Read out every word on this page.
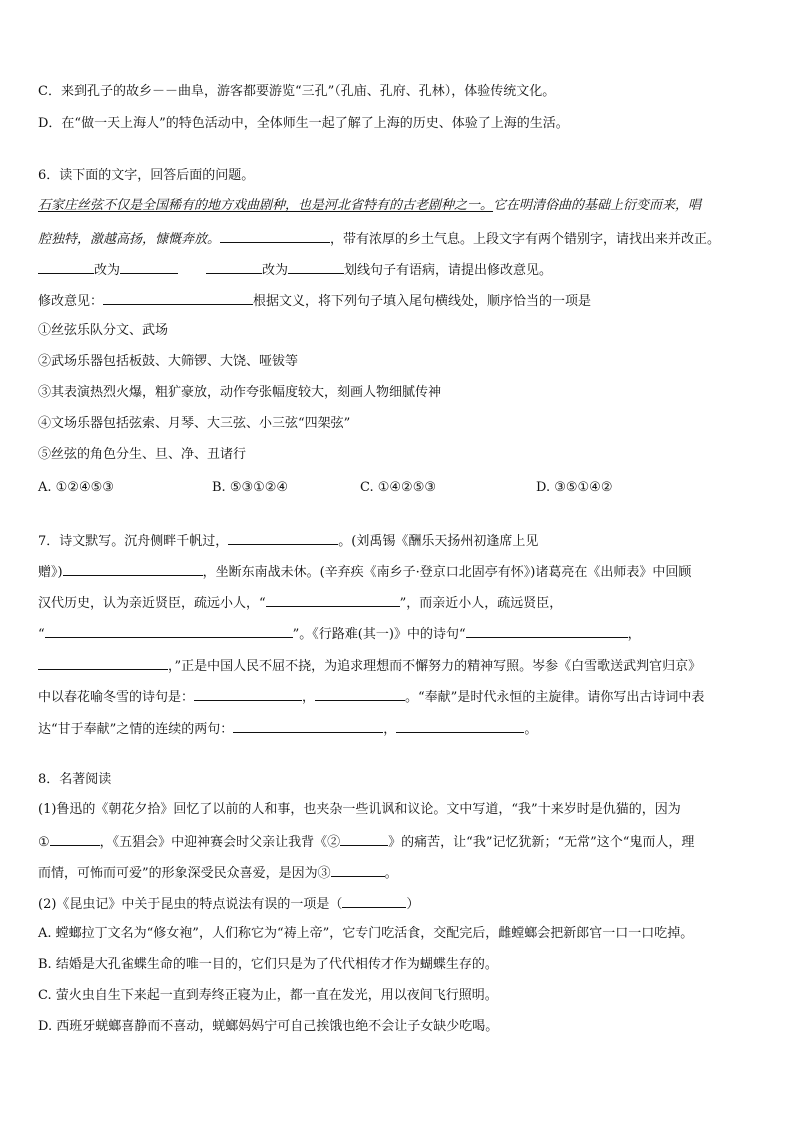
C．来到孔子的故乡－－曲阜，游客都要游览“三孔”（孔庙、孔府、孔林），体验传统文化。

D．在“做一天上海人”的特色活动中，全体师生一起了解了上海的历史、体验了上海的生活。

6．读下面的文字，回答后面的问题。

石家庄丝弦不仅是全国稀有的地方戏曲剧种，也是河北省特有的古老剧种之一。它在明清俗曲的基础上衍变而来，唱

腔独特，激越高扬，慷慨奔放。	，带有浓厚的乡土气息。上段文字有两个错别字，请找出来并改正。

改为	改为	划线句子有语病，请提出修改意见。

修改意见：	根据文义，将下列句子填入尾句横线处，顺序恰当的一项是

①丝弦乐队分文、武场

②武场乐器包括板鼓、大筛锣、大饶、哑钹等

③其表演热烈火爆，粗犷豪放，动作夸张幅度较大，刻画人物细腻传神

④文场乐器包括弦索、月琴、大三弦、小三弦“四架弦”

⑤丝弦的角色分生、旦、净、丑诸行

A. ①②④⑤③	B. ⑤③①②④	C. ①④②⑤③	D. ③⑤①④②

7．诗文默写。沉舟侧畔千帆过，	。(刘禹锡《酬乐天扬州初逢席上见

赠》)	，坐断东南战未休。(辛弃疾《南乡子·登京口北固亭有怀》)诸葛亮在《出师表》中回顾

汉代历史，认为亲近贤臣，疏远小人，“	”，而亲近小人，疏远贤臣，

“	”。《行路难(其一)》中的诗句“	，

，”正是中国人民不屈不挠，为追求理想而不懈努力的精神写照。岑参《白雪歌送武判官归京》

中以春花喻冬雪的诗句是：	，	。“奉献”是时代永恒的主旋律。请你写出古诗词中表

达“甘于奉献”之情的连续的两句：	，	。

8．名著阅读

(1)鲁迅的《朝花夕拾》回忆了以前的人和事，也夹杂一些讥讽和议论。文中写道，“我”十来岁时是仇猫的，因为

①	，《五猖会》中迎神赛会时父亲让我背《②	》的痛苦，让“我”记忆犹新；“无常”这个“鬼而人，理

而情，可怖而可爱”的形象深受民众喜爱，是因为③	。

(2)《昆虫记》中关于昆虫的特点说法有误的一项是（	）

A. 螳螂拉丁文名为“修女袍”，人们称它为“祷上帝”，它专门吃活食，交配完后，雌螳螂会把新郎官一口一口吃掉。

B. 结婚是大孔雀蝶生命的唯一目的，它们只是为了代代相传才作为蝴蝶生存的。

C. 萤火虫自生下来起一直到寿终正寝为止，都一直在发光，用以夜间飞行照明。

D. 西班牙蜣螂喜静而不喜动，蜣螂妈妈宁可自己挨饿也绝不会让子女缺少吃喝。
